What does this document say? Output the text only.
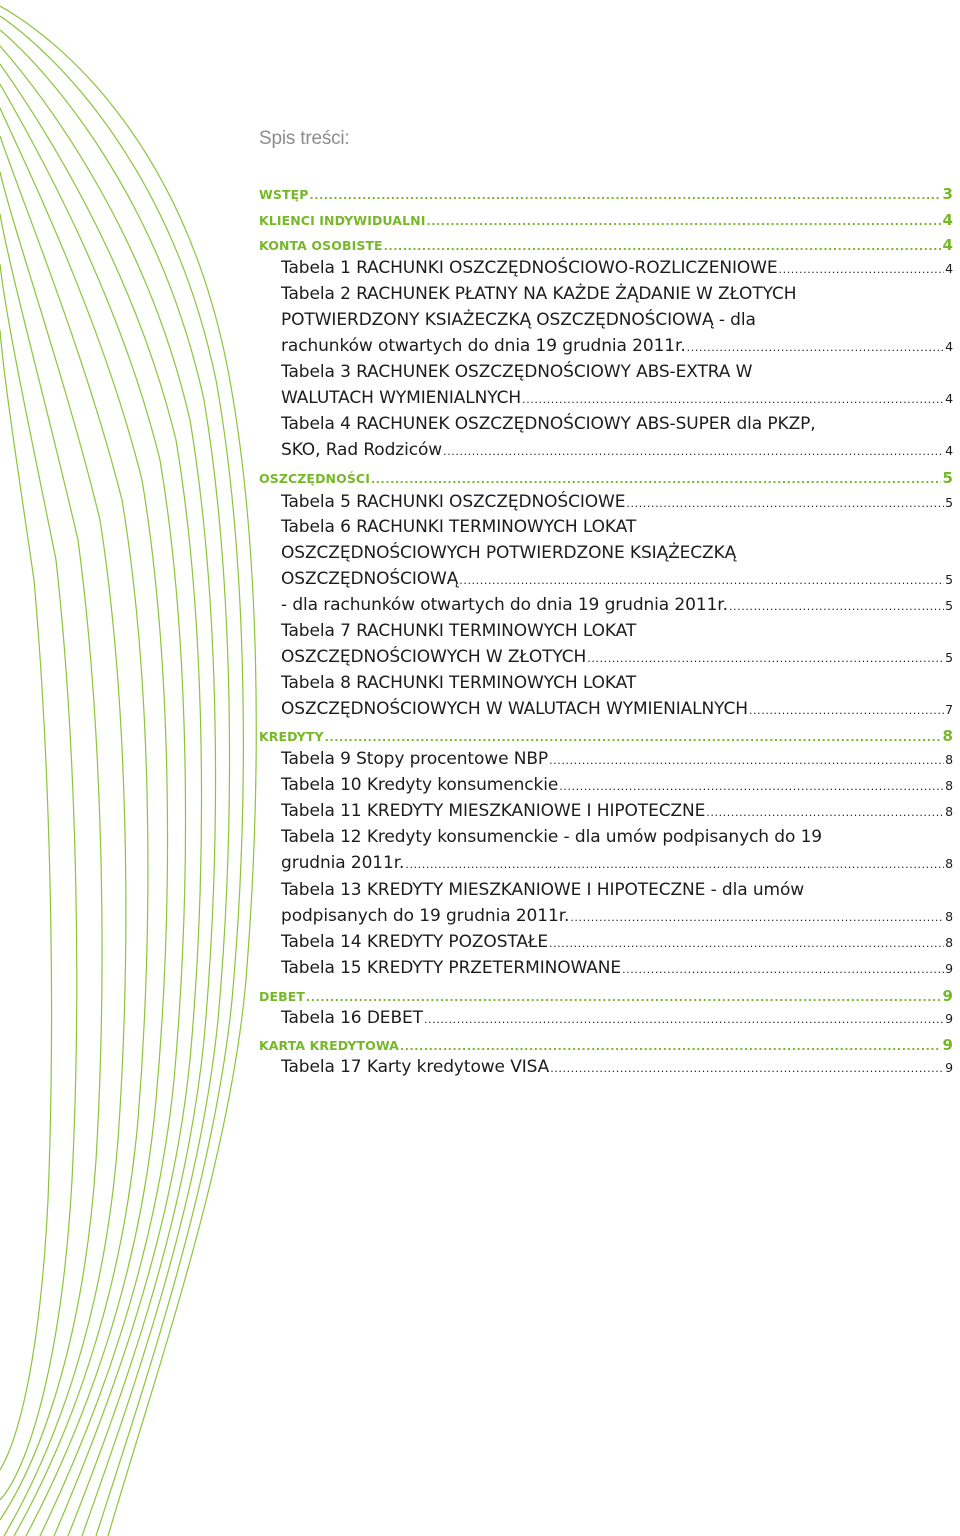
Spis treści:
WSTĘP .....	3
KLIENCI INDYWIDUALNI .....	4
KONTA OSOBISTE .....	4
Tabela 1 RACHUNKI OSZCZĘDNOŚCIOWO-ROZLICZENIOWE .....	4
Tabela 2 RACHUNEK PŁATNY NA KAŻDE ŻĄDANIE W ZŁOTYCH
POTWIERDZONY KSIAŻECZKĄ OSZCZĘDNOŚCIOWĄ - dla
rachunków otwartych do dnia 19 grudnia 2011r. .....	4
Tabela 3 RACHUNEK OSZCZĘDNOŚCIOWY ABS-EXTRA W
WALUTACH WYMIENIALNYCH .....	4
Tabela 4 RACHUNEK OSZCZĘDNOŚCIOWY ABS-SUPER dla PKZP,
SKO, Rad Rodziców .....	4
OSZCZĘDNOŚCI .....	5
Tabela 5 RACHUNKI OSZCZĘDNOŚCIOWE .....	5
Tabela 6 RACHUNKI TERMINOWYCH LOKAT
OSZCZĘDNOŚCIOWYCH POTWIERDZONE KSIĄŻECZKĄ
OSZCZĘDNOŚCIOWĄ .....	5
- dla rachunków otwartych do dnia 19 grudnia 2011r. .....	5
Tabela 7 RACHUNKI TERMINOWYCH LOKAT
OSZCZĘDNOŚCIOWYCH W ZŁOTYCH .....	5
Tabela 8 RACHUNKI TERMINOWYCH LOKAT
OSZCZĘDNOŚCIOWYCH W WALUTACH WYMIENIALNYCH .....	7
KREDYTY .....	8
Tabela 9 Stopy procentowe NBP .....	8
Tabela 10 Kredyty konsumenckie .....	8
Tabela 11 KREDYTY MIESZKANIOWE I HIPOTECZNE .....	8
Tabela 12 Kredyty konsumenckie - dla umów podpisanych do 19
grudnia 2011r. .....	8
Tabela 13 KREDYTY MIESZKANIOWE I HIPOTECZNE - dla umów
podpisanych do 19 grudnia 2011r. .....	8
Tabela 14 KREDYTY POZOSTAŁE .....	8
Tabela 15 KREDYTY PRZETERMINOWANE .....	9
DEBET .....	9
Tabela 16 DEBET .....	9
KARTA KREDYTOWA .....	9
Tabela 17 Karty kredytowe VISA .....	9
